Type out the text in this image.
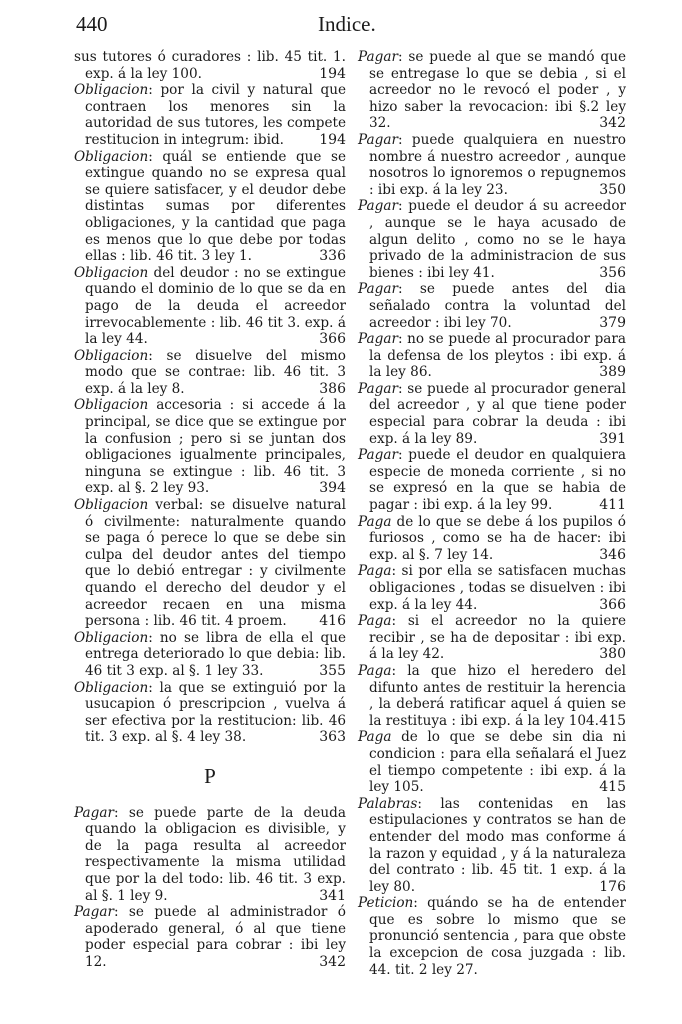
440	Indice.

sus tutores ó curadores : lib. 45 tit. 1. exp. á la ley 100.	194

Obligacion: por la civil y natural que contraen los menores sin la autoridad de sus tutores, les compete restitucion in integrum: ibid.	194

Obligacion: quál se entiende que se extingue quando no se expresa qual se quiere satisfacer, y el deudor debe distintas sumas por diferentes obligaciones, y la cantidad que paga es menos que lo que debe por todas ellas : lib. 46 tit. 3 ley 1.	336

Obligacion del deudor : no se extingue quando el dominio de lo que se da en pago de la deuda el acreedor irrevocablemente : lib. 46 tit 3. exp. á la ley 44.	366

Obligacion: se disuelve del mismo modo que se contrae: lib. 46 tit. 3 exp. á la ley 8.	386

Obligacion accesoria : si accede á la principal, se dice que se extingue por la confusion ; pero si se juntan dos obligaciones igualmente principales, ninguna se extingue : lib. 46 tit. 3 exp. al §. 2 ley 93.	394

Obligacion verbal: se disuelve natural ó civilmente: naturalmente quando se paga ó perece lo que se debe sin culpa del deudor antes del tiempo que lo debió entregar : y civilmente quando el derecho del deudor y el acreedor recaen en una misma persona : lib. 46 tit. 4 proem. 416

Obligacion: no se libra de ella el que entrega deteriorado lo que debia: lib. 46 tit 3 exp. al §. 1 ley 33.	355

Obligacion: la que se extinguió por la usucapion ó prescripcion , vuelva á ser efectiva por la restitucion: lib. 46 tit. 3 exp. al §. 4 ley 38.	363

P

Pagar: se puede parte de la deuda quando la obligacion es divisible, y de la paga resulta al acreedor respectivamente la misma utilidad que por la del todo: lib. 46 tit. 3 exp. al §. 1 ley 9.	341

Pagar: se puede al administrador ó apoderado general, ó al que tiene poder especial para cobrar : ibi ley 12.	342

Pagar: se puede al que se mandó que se entregase lo que se debia , si el acreedor no le revocó el poder , y hizo saber la revocacion: ibi §.2 ley 32.	342

Pagar: puede qualquiera en nuestro nombre á nuestro acreedor , aunque nosotros lo ignoremos o repugnemos : ibi exp. á la ley 23.	350

Pagar: puede el deudor á su acreedor , aunque se le haya acusado de algun delito , como no se le haya privado de la administracion de sus bienes : ibi ley 41.	356

Pagar: se puede antes del dia señalado contra la voluntad del acreedor : ibi ley 70.	379

Pagar: no se puede al procurador para la defensa de los pleytos : ibi exp. á la ley 86.	389

Pagar: se puede al procurador general del acreedor , y al que tiene poder especial para cobrar la deuda : ibi exp. á la ley 89.	391

Pagar: puede el deudor en qualquiera especie de moneda corriente , si no se expresó en la que se habia de pagar : ibi exp. á la ley 99.	411

Paga de lo que se debe á los pupilos ó furiosos , como se ha de hacer: ibi exp. al §. 7 ley 14.	346

Paga: si por ella se satisfacen muchas obligaciones , todas se disuelven : ibi exp. á la ley 44.	366

Paga: si el acreedor no la quiere recibir , se ha de depositar : ibi exp. á la ley 42.	380

Paga: la que hizo el heredero del difunto antes de restituir la herencia , la deberá ratificar aquel á quien se la restituya : ibi exp. á la ley 104. 415

Paga de lo que se debe sin dia ni condicion : para ella señalará el Juez el tiempo competente : ibi exp. á la ley 105.	415

Palabras: las contenidas en las estipulaciones y contratos se han de entender del modo mas conforme á la razon y equidad , y á la naturaleza del contrato : lib. 45 tit. 1 exp. á la ley 80.	176

Peticion: quándo se ha de entender que es sobre lo mismo que se pronunció sentencia , para que obste la excepcion de cosa juzgada : lib. 44. tit. 2 ley 27.
